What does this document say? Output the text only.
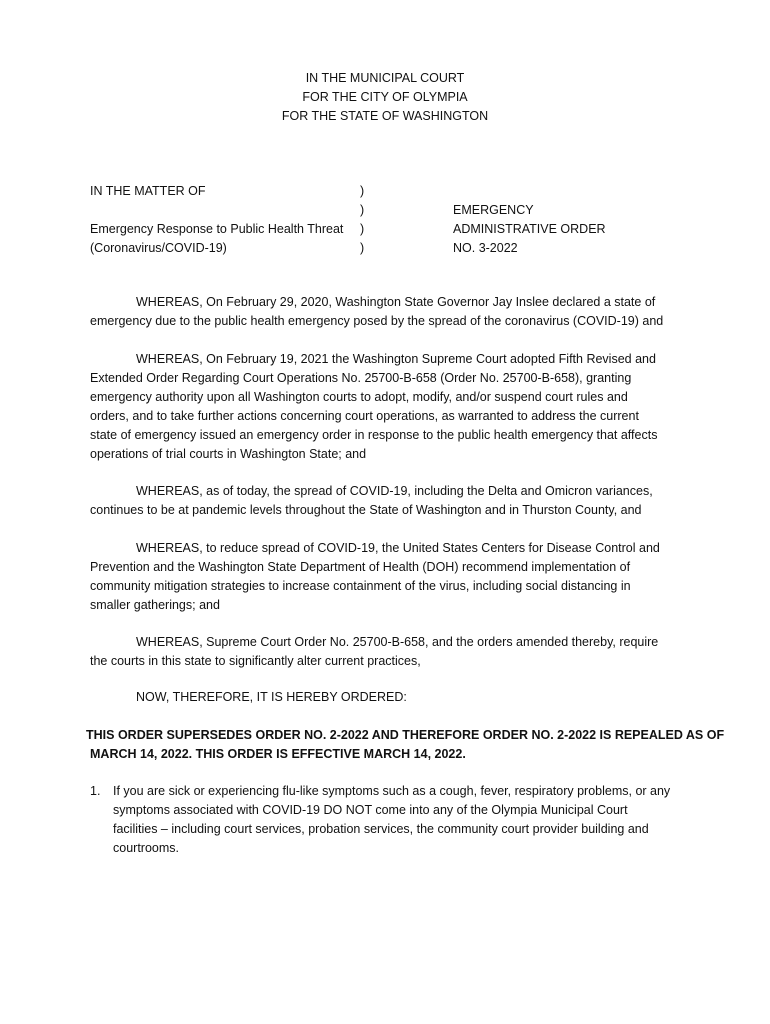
IN THE MUNICIPAL COURT
FOR THE CITY OF OLYMPIA
FOR THE STATE OF WASHINGTON
IN THE MATTER OF
Emergency Response to Public Health Threat
(Coronavirus/COVID-19)
)
)
)
)
EMERGENCY
ADMINISTRATIVE ORDER
NO. 3-2022
WHEREAS, On February 29, 2020, Washington State Governor Jay Inslee declared a state of
emergency due to the public health emergency posed by the spread of the coronavirus (COVID-19) and
WHEREAS, On February 19, 2021 the Washington Supreme Court adopted Fifth Revised and
Extended Order Regarding Court Operations No. 25700-B-658 (Order No. 25700-B-658), granting
emergency authority upon all Washington courts to adopt, modify, and/or suspend court rules and
orders, and to take further actions concerning court operations, as warranted to address the current
state of emergency issued an emergency order in response to the public health emergency that affects
operations of trial courts in Washington State; and
WHEREAS, as of today, the spread of COVID-19, including the Delta and Omicron variances,
continues to be at pandemic levels throughout the State of Washington and in Thurston County, and
WHEREAS, to reduce spread of COVID-19, the United States Centers for Disease Control and
Prevention and the Washington State Department of Health (DOH) recommend implementation of
community mitigation strategies to increase containment of the virus, including social distancing in
smaller gatherings; and
WHEREAS, Supreme Court Order No. 25700-B-658, and the orders amended thereby, require
the courts in this state to significantly alter current practices,
NOW, THEREFORE, IT IS HEREBY ORDERED:
THIS ORDER SUPERSEDES ORDER NO. 2-2022 AND THEREFORE ORDER NO. 2-2022 IS REPEALED AS OF
MARCH 14, 2022. THIS ORDER IS EFFECTIVE MARCH 14, 2022.
1.	If you are sick or experiencing flu-like symptoms such as a cough, fever, respiratory problems, or any
symptoms associated with COVID-19 DO NOT come into any of the Olympia Municipal Court
facilities – including court services, probation services, the community court provider building and
courtrooms.
